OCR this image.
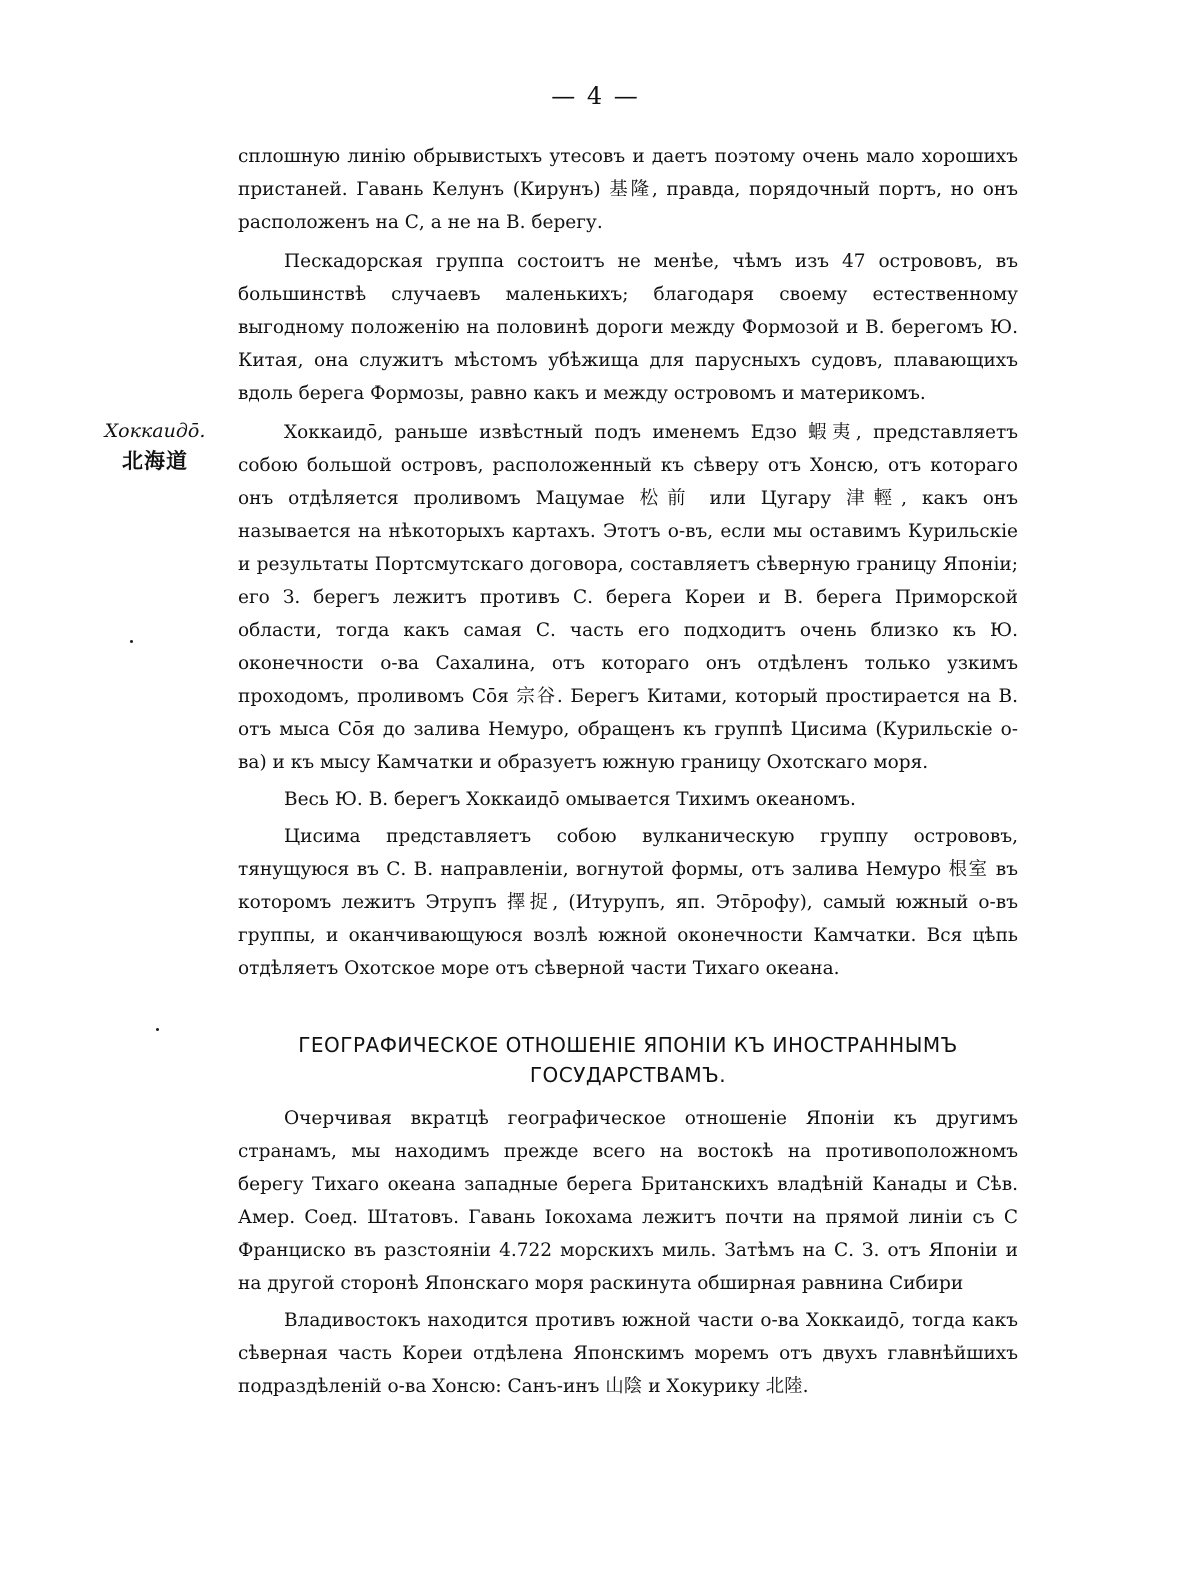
— 4 —

сплошную линію обрывистыхъ утесовъ и даетъ поэтому очень мало хорошихъ пристаней. Гавань Келунъ (Кирунъ) 基隆, правда, порядочный портъ, но онъ расположенъ на С, а не на В. берегу.

Пескадорская группа состоитъ не менѣе, чѣмъ изъ 47 острововъ, въ большинствѣ случаевъ маленькихъ; благодаря своему естественному выгодному положенію на половинѣ дороги между Формозой и В. берегомъ Ю. Китая, она служитъ мѣстомъ убѣжища для парусныхъ судовъ, плавающихъ вдоль берега Формозы, равно какъ и между островомъ и материкомъ.

Хоккаидō, раньше извѣстный подъ именемъ Едзо 蝦夷, представляетъ собою большой островъ, расположенный къ сѣверу отъ Хонсю, отъ котораго онъ отдѣляется проливомъ Мацумае 松前 или Цугару 津輕, какъ онъ называется на нѣкоторыхъ картахъ. Этотъ о-въ, если мы оставимъ Курильскіе и результаты Портсмутскаго договора, составляетъ сѣверную границу Японіи; его З. берегъ лежитъ противъ С. берега Кореи и В. берега Приморской области, тогда какъ самая С. часть его подходитъ очень близко къ Ю. оконечности о-ва Сахалина, отъ котораго онъ отдѣленъ только узкимъ проходомъ, проливомъ Сōя 宗谷. Берегъ Китами, который простирается на В. отъ мыса Сōя до залива Немуро, обращенъ къ группѣ Цисима (Курильскіе о-ва) и къ мысу Камчатки и образуетъ южную границу Охотскаго моря.

Весь Ю. В. берегъ Хоккаидō омывается Тихимъ океаномъ.

Цисима представляетъ собою вулканическую группу острововъ, тянущуюся въ С. В. направленіи, вогнутой формы, отъ залива Немуро 根室 въ которомъ лежитъ Этрупъ 擇捉, (Итурупъ, яп. Этōрофу), самый южный о-въ группы, и оканчивающуюся возлѣ южной оконечности Камчатки. Вся цѣпь отдѣляетъ Охотское море отъ сѣверной части Тихаго океана.

Хоккаидō.
北海道
ГЕОГРАФИЧЕСКОЕ ОТНОШЕНІЕ ЯПОНІИ КЪ ИНОСТРАННЫМЪ
ГОСУДАРСТВАМЪ.

Очерчивая вкратцѣ географическое отношеніе Японіи къ другимъ странамъ, мы находимъ прежде всего на востокѣ на противоположномъ берегу Тихаго океана западные берега Британскихъ владѣній Канады и Сѣв. Амер. Соед. Штатовъ. Гавань Іокохама лежитъ почти на прямой линіи съ С Франциско въ разстояніи 4.722 морскихъ миль. Затѣмъ на С. З. отъ Японіи и на другой сторонѣ Японскаго моря раскинута обширная равнина Сибири

Владивостокъ находится противъ южной части о-ва Хоккаидō, тогда какъ сѣверная часть Кореи отдѣлена Японскимъ моремъ отъ двухъ главнѣйшихъ подраздѣленій о-ва Хонсю: Санъ-инъ 山陰 и Хокурику 北陸.
